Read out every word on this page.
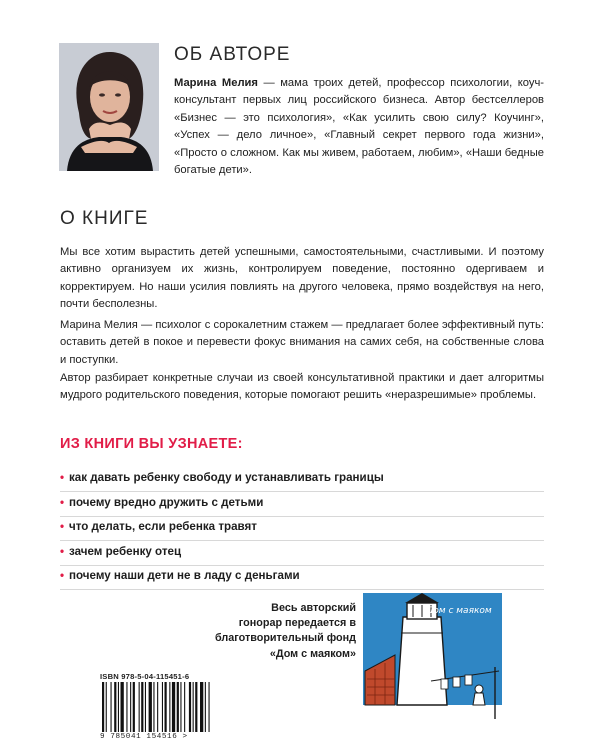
ОБ АВТОРЕ

Марина Мелия — мама троих детей, профессор психологии, коуч-консультант первых лиц российского бизнеса. Автор бестселлеров «Бизнес — это психология», «Как усилить свою силу? Коучинг», «Успех — дело личное», «Главный секрет первого года жизни», «Просто о сложном. Как мы живем, работаем, любим», «Наши бедные богатые дети».

О КНИГЕ

Мы все хотим вырастить детей успешными, самостоятельными, счастливыми. И поэтому активно организуем их жизнь, контролируем поведение, постоянно одергиваем и корректируем. Но наши усилия повлиять на другого человека, прямо воздействуя на него, почти бесполезны.

Марина Мелия — психолог с сорокалетним стажем — предлагает более эффективный путь: оставить детей в покое и перевести фокус внимания на самих себя, на собственные слова и поступки.

Автор разбирает конкретные случаи из своей консультативной практики и дает алгоритмы мудрого родительского поведения, которые помогают решить «неразрешимые» проблемы.

ИЗ КНИГИ ВЫ УЗНАЕТЕ:
• как давать ребенку свободу и устанавливать границы
• почему вредно дружить с детьми
• что делать, если ребенка травят
• зачем ребенку отец
• почему наши дети не в ладу с деньгами
Весь авторский
гонорар передается в
благотворительный фонд
«Дом с маяком»
Дом с маяком
ISBN 978-5-04-115451-6
9 785041 154516 >
